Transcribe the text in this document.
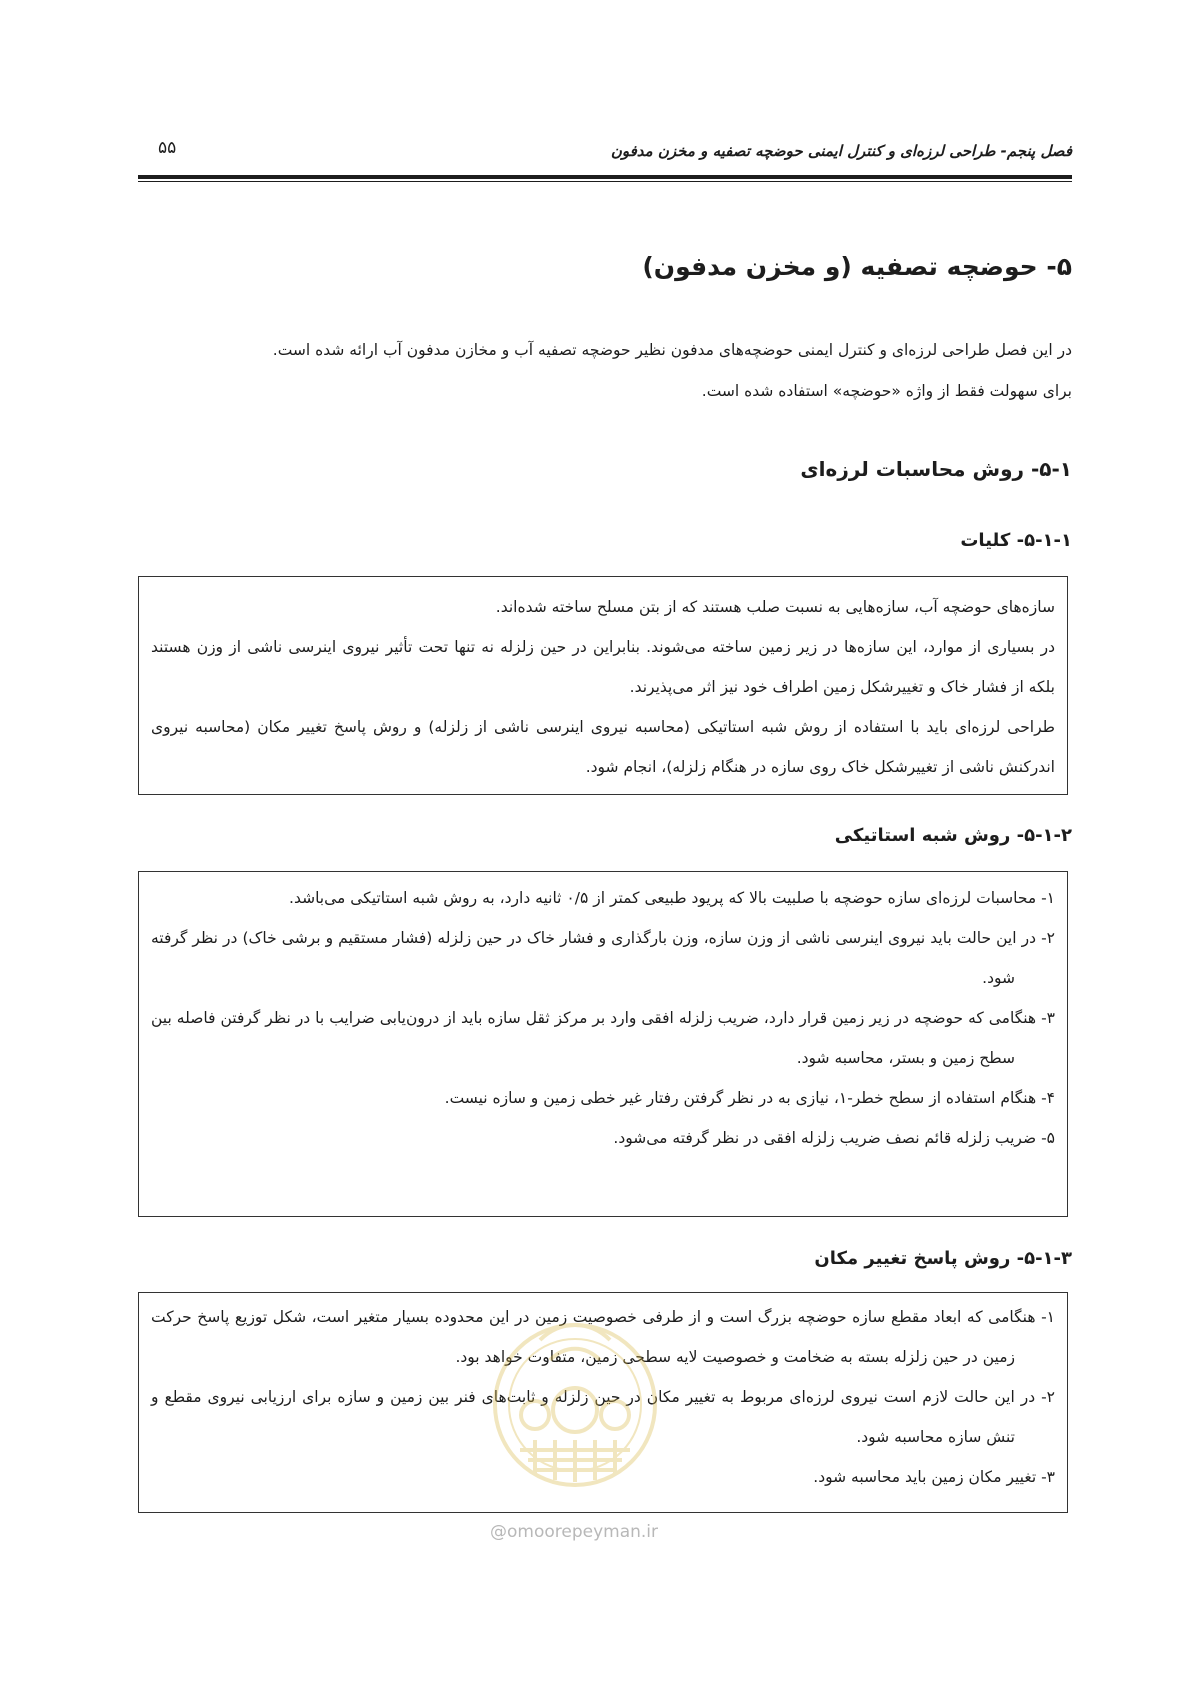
فصل پنجم- طراحی لرزه‌ای و کنترل ایمنی حوضچه تصفیه و مخزن مدفون
۵۵
۵- حوضچه تصفیه (و مخزن مدفون)

در این فصل طراحی لرزه‌ای و کنترل ایمنی حوضچه‌های مدفون نظیر حوضچه تصفیه آب و مخازن مدفون آب ارائه شده است.

برای سهولت فقط از واژه «حوضچه» استفاده شده است.

۵-۱- روش محاسبات لرزه‌ای
۵-۱-۱- کلیات

سازه‌های حوضچه آب، سازه‌هایی به نسبت صلب هستند که از بتن مسلح ساخته شده‌اند.

در بسیاری از موارد، این سازه‌ها در زیر زمین ساخته می‌شوند. بنابراین در حین زلزله نه تنها تحت تأثیر نیروی اینرسی ناشی از وزن هستند بلکه از فشار خاک و تغییرشکل زمین اطراف خود نیز اثر می‌پذیرند.

طراحی لرزه‌ای باید با استفاده از روش شبه استاتیکی (محاسبه نیروی اینرسی ناشی از زلزله) و روش پاسخ تغییر مکان (محاسبه نیروی اندرکنش ناشی از تغییرشکل خاک روی سازه در هنگام زلزله)، انجام شود.

۵-۱-۲- روش شبه استاتیکی

۱- محاسبات لرزه‌ای سازه حوضچه با صلبیت بالا که پریود طبیعی کمتر از ۰/۵ ثانیه دارد، به روش شبه استاتیکی می‌باشد.

۲- در این حالت باید نیروی اینرسی ناشی از وزن سازه، وزن بارگذاری و فشار خاک در حین زلزله (فشار مستقیم و برشی خاک) در نظر گرفته شود.

۳- هنگامی که حوضچه در زیر زمین قرار دارد، ضریب زلزله افقی وارد بر مرکز ثقل سازه باید از درون‌یابی ضرایب با در نظر گرفتن فاصله بین سطح زمین و بستر، محاسبه شود.

۴- هنگام استفاده از سطح خطر-۱، نیازی به در نظر گرفتن رفتار غیر خطی زمین و سازه نیست.

۵- ضریب زلزله قائم نصف ضریب زلزله افقی در نظر گرفته می‌شود.

۵-۱-۳- روش پاسخ تغییر مکان

۱- هنگامی که ابعاد مقطع سازه حوضچه بزرگ است و از طرفی خصوصیت زمین در این محدوده بسیار متغیر است، شکل توزیع پاسخ حرکت زمین در حین زلزله بسته به ضخامت و خصوصیت لایه سطحی زمین، متفاوت خواهد بود.

۲- در این حالت لازم است نیروی لرزه‌ای مربوط به تغییر مکان در حین زلزله و ثابت‌های فنر بین زمین و سازه برای ارزیابی نیروی مقطع و تنش سازه محاسبه شود.

۳- تغییر مکان زمین باید محاسبه شود.

@omoorepeyman.ir
